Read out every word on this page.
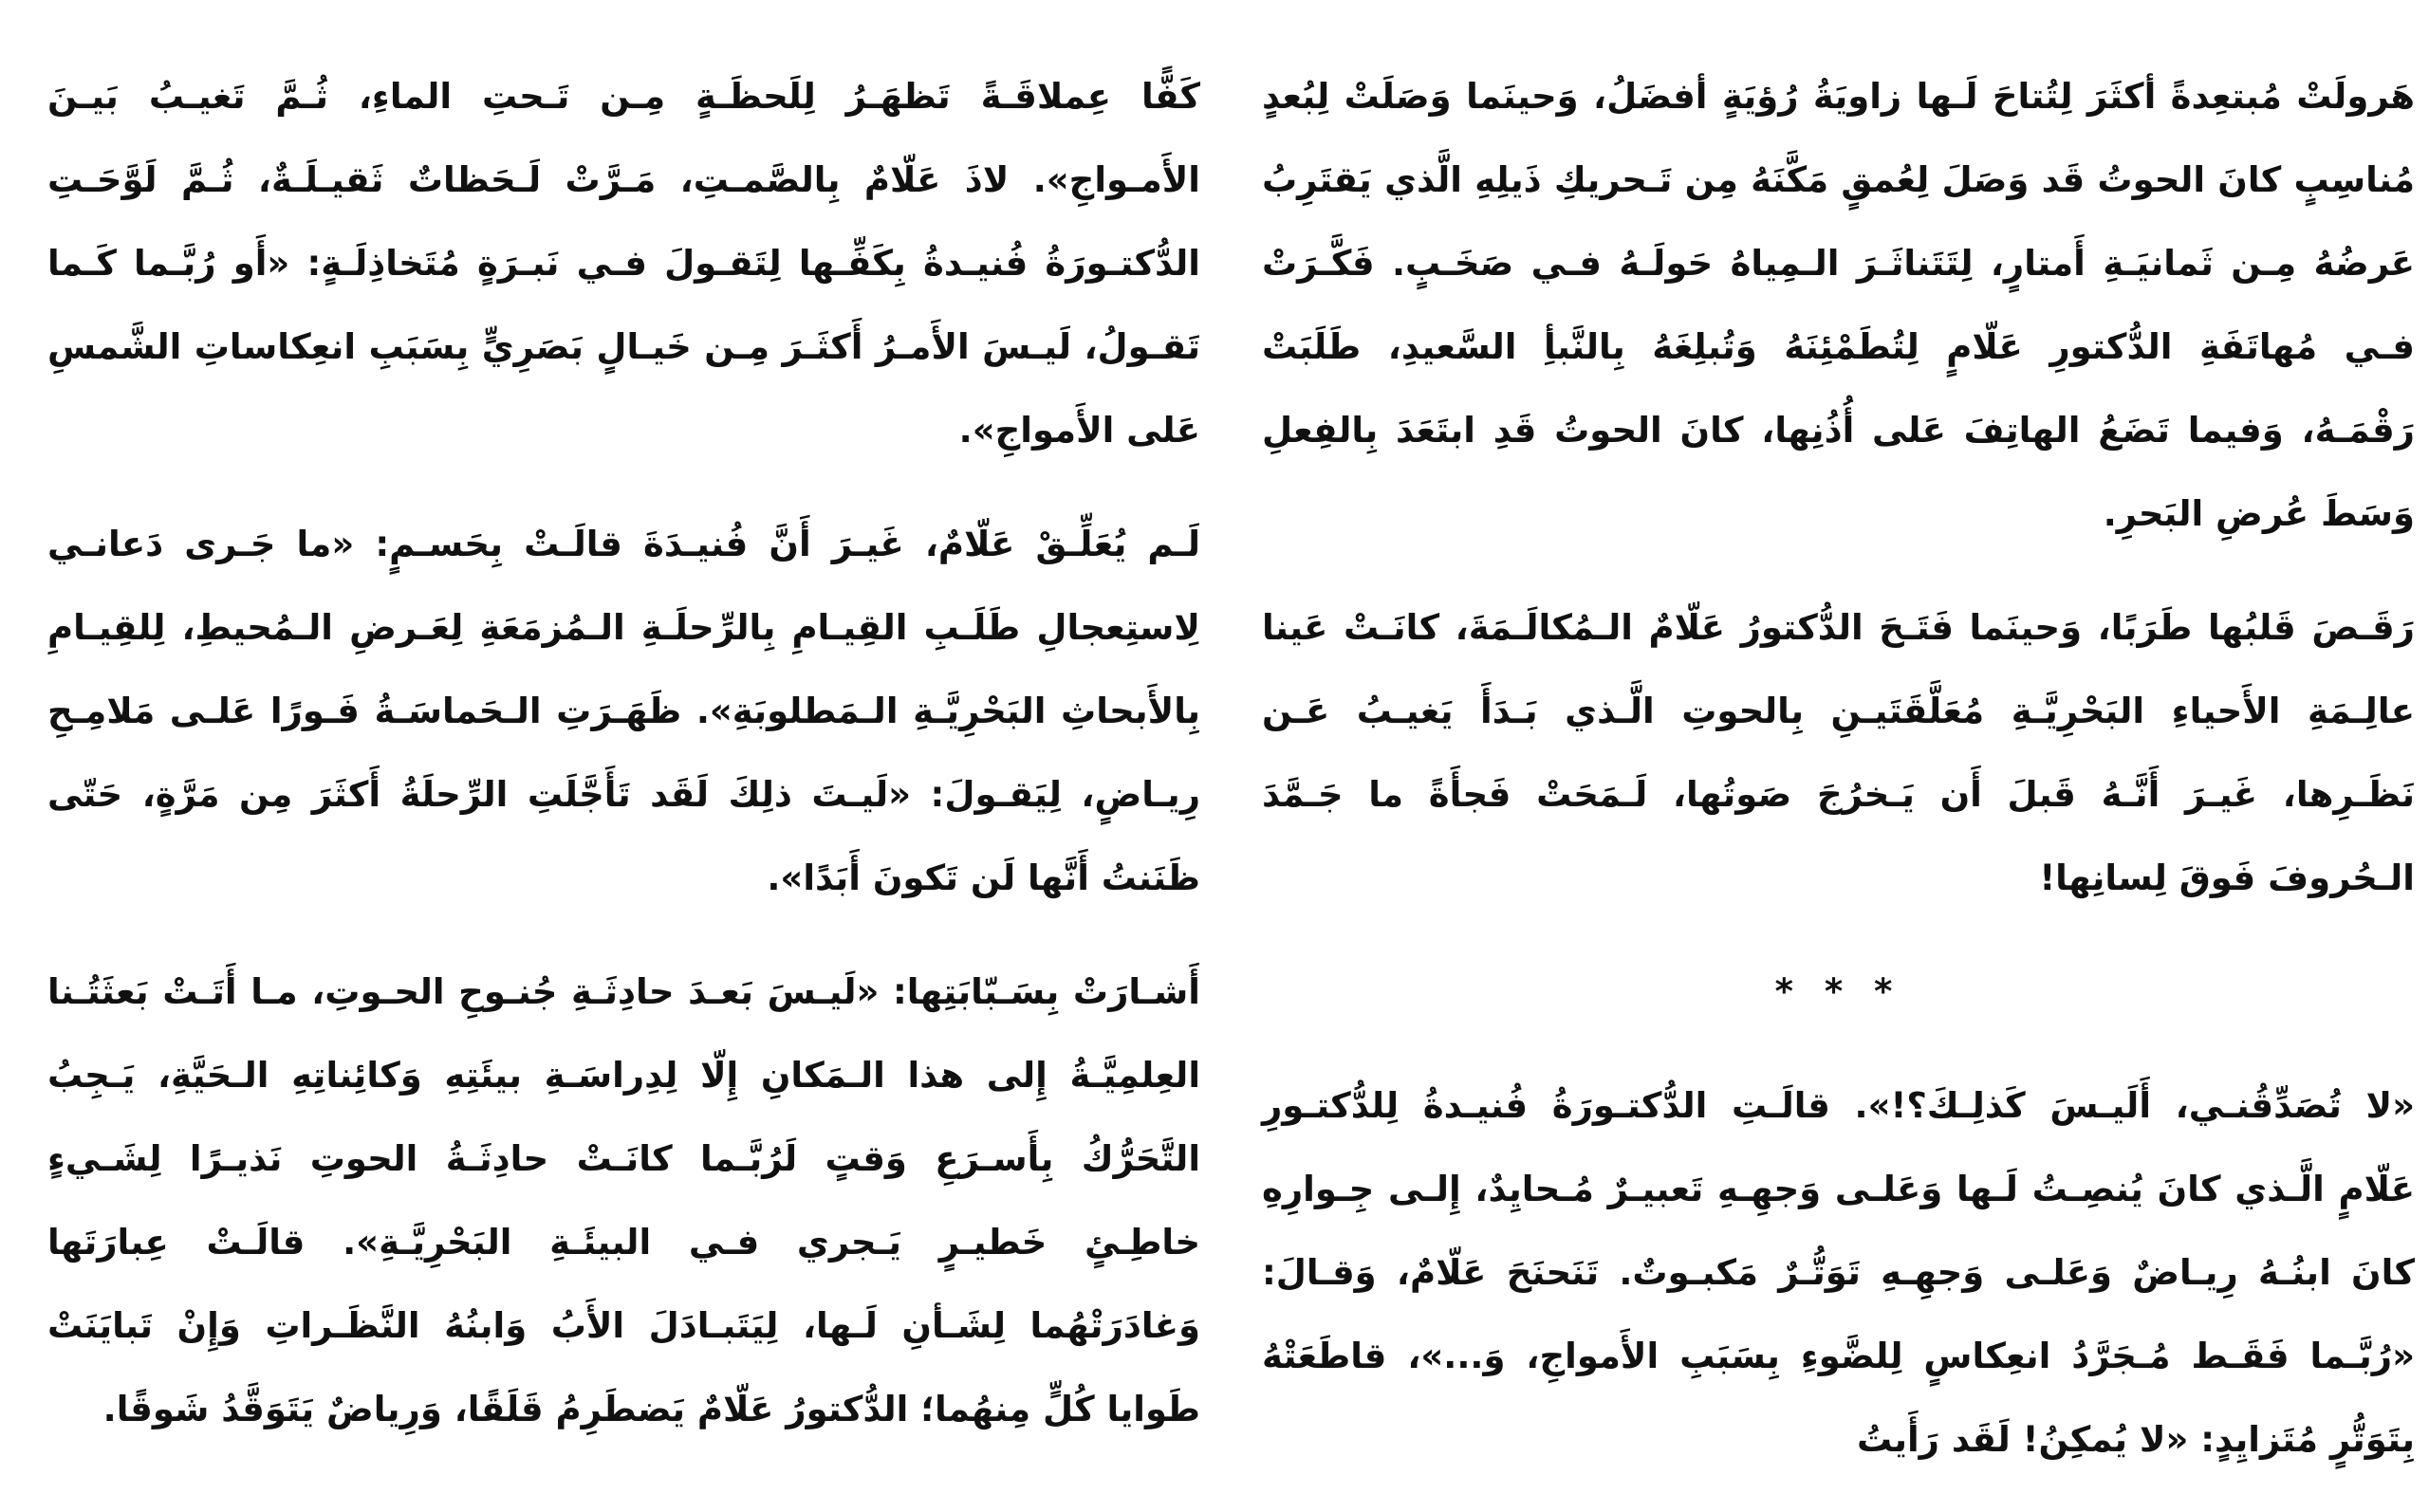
هَرولَتْ مُبتعِدةً أكثَرَ لِتُتاحَ لَـها زاويَةُ رُؤيَةٍ أفضَلُ، وَحينَما وَصَلَتْ لِبُعدٍ مُناسِبٍ كانَ الحوتُ قَد وَصَلَ لِعُمقٍ مَكَّنَهُ مِن تَـحريكِ ذَيلِهِ الَّذي يَقتَرِبُ عَرضُهُ مِـن ثَمانيَـةِ أَمتارٍ، لِتَتَناثَـرَ الـمِياهُ حَولَـهُ فـي صَخَـبٍ. فَكَّـرَتْ فـي مُهاتَفَةِ الدُّكتورِ عَلّامٍ لِتُطَمْئِنَهُ وَتُبلِغَهُ بِالنَّبأِ السَّعيدِ، طَلَبَتْ رَقْمَـهُ، وَفيما تَضَعُ الهاتِفَ عَلى أُذُنِها، كانَ الحوتُ قَدِ ابتَعَدَ بِالفِعلِ وَسَطَ عُرضِ البَحرِ.

رَقَـصَ قَلبُها طَرَبًا، وَحينَما فَتَـحَ الدُّكتورُ عَلّامٌ الـمُكالَـمَةَ، كانَـتْ عَينا عالِـمَةِ الأَحياءِ البَحْرِيَّـةِ مُعَلَّقَتَيـنِ بِالحوتِ الَّـذي بَـدَأَ يَغيـبُ عَـن نَظَـرِها، غَيـرَ أَنَّـهُ قَبلَ أَن يَـخرُجَ صَوتُها، لَـمَحَتْ فَجأَةً ما جَـمَّدَ الـحُروفَ فَوقَ لِسانِها!

* * *

«لا تُصَدِّقُنـي، أَلَيـسَ كَذلِـكَ؟!». قالَـتِ الدُّكتـورَةُ فُنيـدةُ لِلدُّكتـورِ عَلّامٍ الَّـذي كانَ يُنصِـتُ لَـها وَعَلـى وَجهِـهِ تَعبيـرٌ مُـحايِدٌ، إِلـى جِـوارِهِ كانَ ابنُـهُ رِيـاضٌ وَعَلـى وَجهِـهِ تَوَتُّـرٌ مَكبـوتٌ. تَنَحنَحَ عَلّامٌ، وَقـالَ: «رُبَّـما فَقَـط مُـجَرَّدُ انعِكاسٍ لِلضَّوءِ بِسَبَبِ الأَمواجِ، وَ...»، قاطَعَتْهُ بِتَوَتُّرٍ مُتَزايِدٍ: «لا يُمكِنُ! لَقَد رَأَيتُ

كَفًّا عِملاقَـةً تَظهَـرُ لِلَحظَـةٍ مِـن تَـحتِ الماءِ، ثُـمَّ تَغيـبُ بَيـنَ الأَمـواجِ». لاذَ عَلّامٌ بِالصَّمـتِ، مَـرَّتْ لَـحَظاتٌ ثَقيـلَـةٌ، ثُـمَّ لَوَّحَـتِ الدُّكتـورَةُ فُنيـدةُ بِكَفِّـها لِتَقـولَ فـي نَبـرَةٍ مُتَخاذِلَـةٍ: «أَو رُبَّـما كَـما تَقـولُ، لَيـسَ الأَمـرُ أَكثَـرَ مِـن خَيـالٍ بَصَرِيٍّ بِسَبَبِ انعِكاساتِ الشَّمسِ عَلى الأَمواجِ».

لَـم يُعَلِّـقْ عَلّامٌ، غَيـرَ أَنَّ فُنيـدَةَ قالَـتْ بِحَسـمٍ: «ما جَـرى دَعانـي لِاستِعجالِ طَلَـبِ القِيـامِ بِالرِّحلَـةِ الـمُزمَعَةِ لِعَـرضِ الـمُحيطِ، لِلقِيـامِ بِالأَبحاثِ البَحْرِيَّـةِ الـمَطلوبَةِ». ظَهَـرَتِ الـحَماسَـةُ فَـورًا عَلـى مَلامِـحِ رِيـاضٍ، لِيَقـولَ: «لَيـتَ ذلِكَ لَقَد تَأَجَّلَتِ الرِّحلَةُ أَكثَرَ مِن مَرَّةٍ، حَتّى ظَنَنتُ أَنَّها لَن تَكونَ أَبَدًا».

أَشـارَتْ بِسَـبّابَتِها: «لَيـسَ بَعـدَ حادِثَـةِ جُنـوحِ الحـوتِ، مـا أَتَـتْ بَعثَتُـنا العِلمِيَّـةُ إِلى هذا الـمَكانِ إِلّا لِدِراسَـةِ بيئَتِهِ وَكائِناتِهِ الـحَيَّةِ، يَـجِبُ التَّحَرُّكُ بِأَسـرَعِ وَقتٍ لَرُبَّـما كانَـتْ حادِثَـةُ الحوتِ نَذيـرًا لِشَـيءٍ خاطِـئٍ خَطيـرٍ يَـجري فـي البيئَـةِ البَحْرِيَّـةِ». قالَـتْ عِبارَتَها وَغادَرَتْهُما لِشَـأنِ لَـها، لِيَتَبـادَلَ الأَبُ وَابنُهُ النَّظَـراتِ وَإِنْ تَبايَنَتْ طَوايا كُلٍّ مِنهُما؛ الدُّكتورُ عَلّامٌ يَضطَرِمُ قَلَقًا، وَرِياضٌ يَتَوَقَّدُ شَوقًا.
